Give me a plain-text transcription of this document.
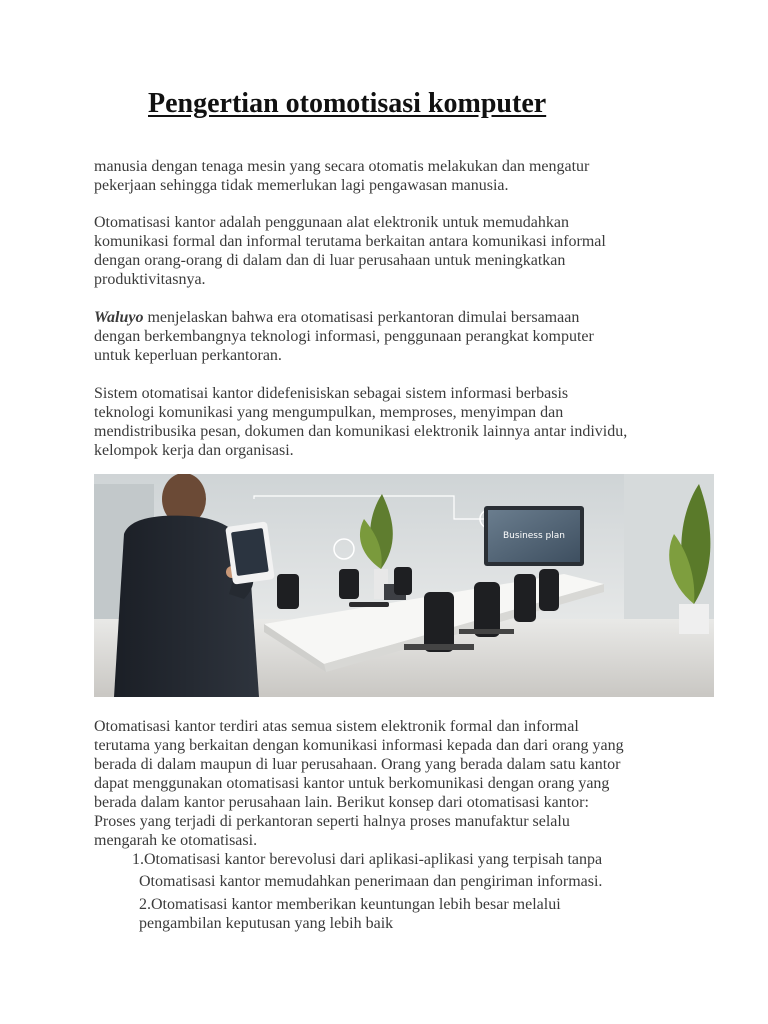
Pengertian otomotisasi komputer

manusia dengan tenaga mesin yang secara otomatis melakukan dan mengatur
pekerjaan sehingga tidak memerlukan lagi pengawasan manusia.

Otomatisasi kantor adalah penggunaan alat elektronik untuk memudahkan
komunikasi formal dan informal terutama berkaitan antara komunikasi informal
dengan orang-orang di dalam dan di luar perusahaan untuk meningkatkan
produktivitasnya.

Waluyo menjelaskan bahwa era otomatisasi perkantoran dimulai bersamaan
dengan berkembangnya teknologi informasi, penggunaan perangkat komputer
untuk keperluan perkantoran.

Sistem otomatisai kantor didefenisiskan sebagai sistem informasi berbasis
teknologi komunikasi yang mengumpulkan, memproses, menyimpan dan
mendistribusika pesan, dokumen dan komunikasi elektronik lainnya antar individu,
kelompok kerja dan organisasi.

Business plan

Otomatisasi kantor terdiri atas semua sistem elektronik formal dan informal
terutama yang berkaitan dengan komunikasi informasi kepada dan dari orang yang
berada di dalam maupun di luar perusahaan. Orang yang berada dalam satu kantor
dapat menggunakan otomatisasi kantor untuk berkomunikasi dengan orang yang
berada dalam kantor perusahaan lain. Berikut konsep dari otomatisasi kantor:
Proses yang terjadi di perkantoran seperti halnya proses manufaktur selalu
mengarah ke otomatisasi.

1.Otomatisasi kantor berevolusi dari aplikasi-aplikasi yang terpisah tanpa

Otomatisasi kantor memudahkan penerimaan dan pengiriman informasi.

2.Otomatisasi kantor memberikan keuntungan lebih besar melalui

pengambilan keputusan yang lebih baik
